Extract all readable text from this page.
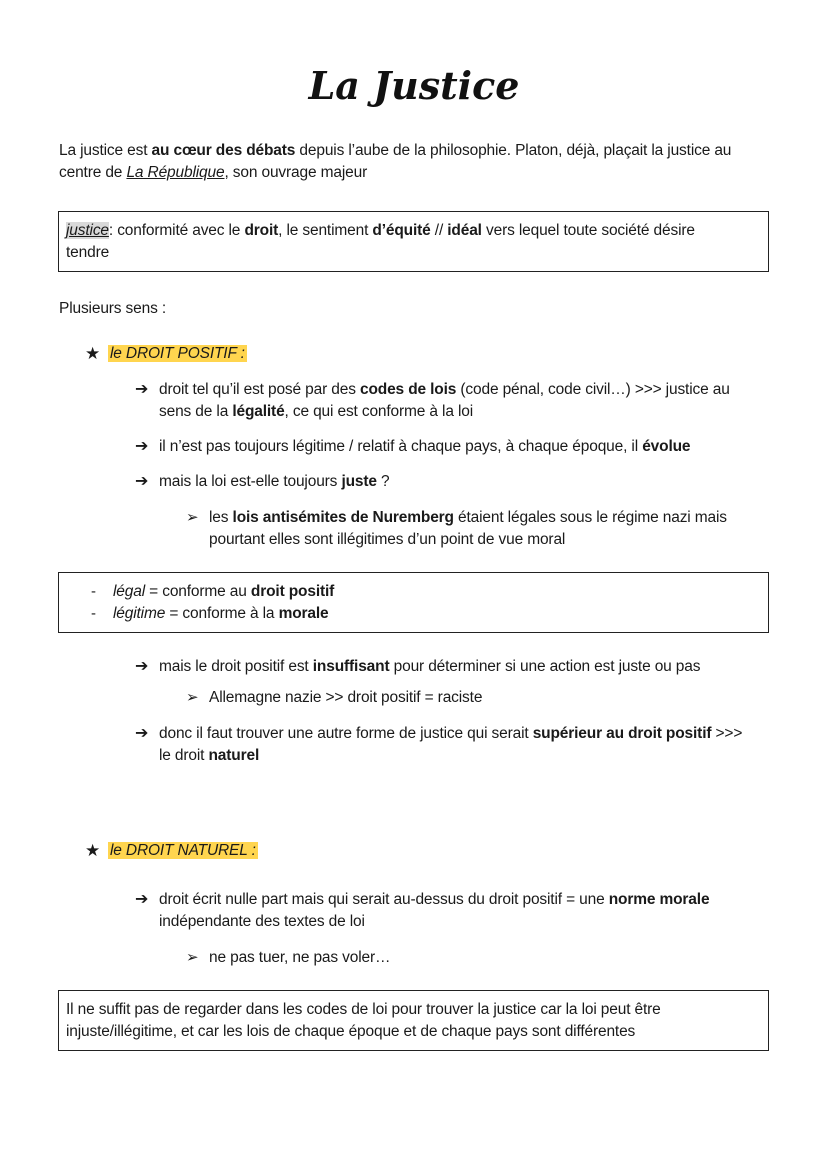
La Justice
La justice est au cœur des débats depuis l’aube de la philosophie. Platon, déjà, plaçait la justice au
centre de La République, son ouvrage majeur
justice: conformité avec le droit, le sentiment d’équité // idéal vers lequel toute société désire
tendre
Plusieurs sens :
★ le DROIT POSITIF :
➔ droit tel qu’il est posé par des codes de lois (code pénal, code civil…) >>> justice au
sens de la légalité, ce qui est conforme à la loi
➔ il n’est pas toujours légitime / relatif à chaque pays, à chaque époque, il évolue
➔ mais la loi est-elle toujours juste ?
➢ les lois antisémites de Nuremberg étaient légales sous le régime nazi mais
pourtant elles sont illégitimes d’un point de vue moral
- légal = conforme au droit positif
- légitime = conforme à la morale
➔ mais le droit positif est insuffisant pour déterminer si une action est juste ou pas
➢ Allemagne nazie >> droit positif = raciste
➔ donc il faut trouver une autre forme de justice qui serait supérieur au droit positif >>>
le droit naturel
★ le DROIT NATUREL :
➔ droit écrit nulle part mais qui serait au-dessus du droit positif = une norme morale
indépendante des textes de loi
➢ ne pas tuer, ne pas voler…
Il ne suffit pas de regarder dans les codes de loi pour trouver la justice car la loi peut être
injuste/illégitime, et car les lois de chaque époque et de chaque pays sont différentes
